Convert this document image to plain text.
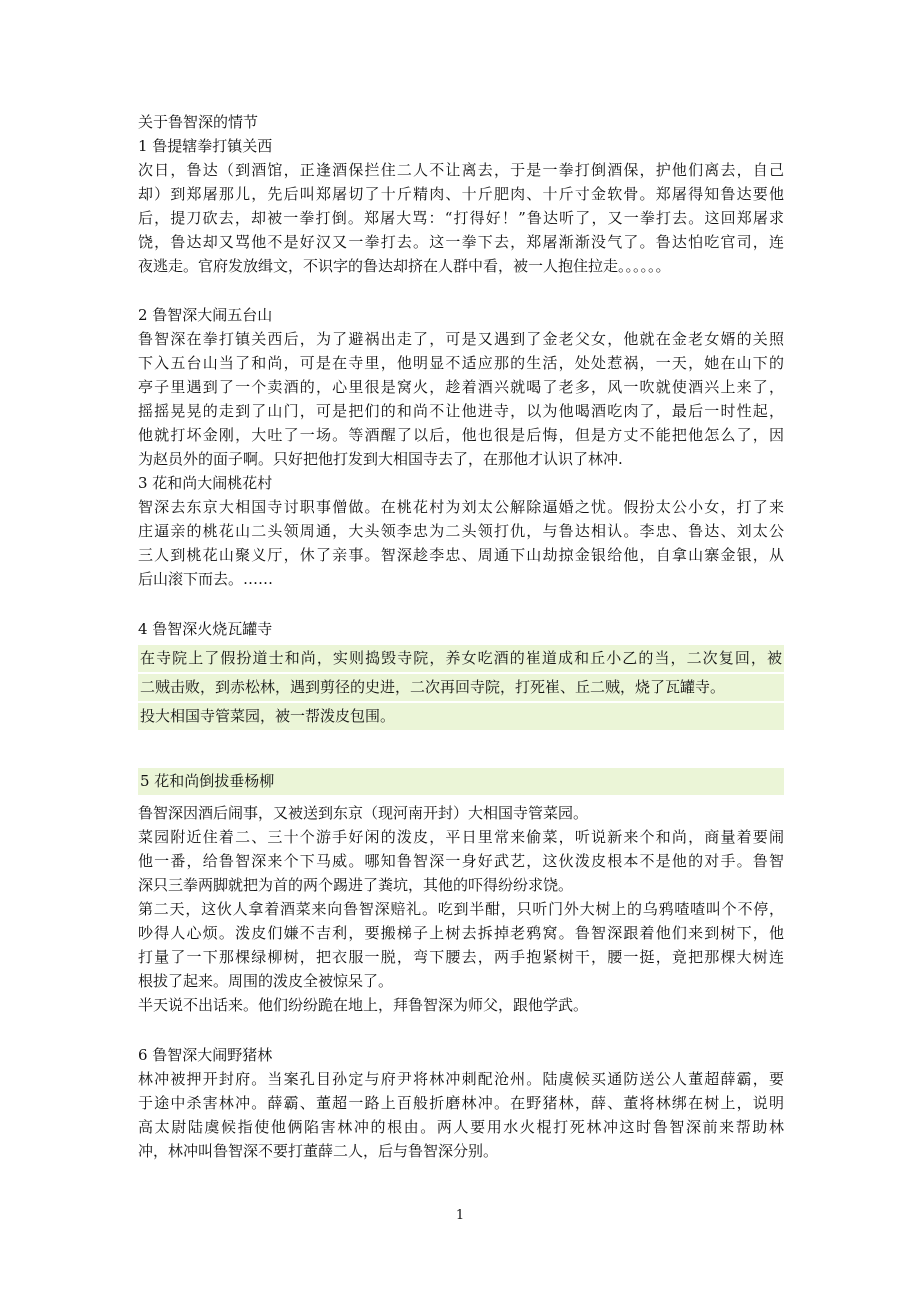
关于鲁智深的情节

1 鲁提辖拳打镇关西

次日，鲁达（到酒馆，正逢酒保拦住二人不让离去，于是一拳打倒酒保，护他们离去，自己

却）到郑屠那儿，先后叫郑屠切了十斤精肉、十斤肥肉、十斤寸金软骨。郑屠得知鲁达要他

后，提刀砍去，却被一拳打倒。郑屠大骂：“打得好！”鲁达听了，又一拳打去。这回郑屠求

饶，鲁达却又骂他不是好汉又一拳打去。这一拳下去，郑屠渐渐没气了。鲁达怕吃官司，连

夜逃走。官府发放缉文，不识字的鲁达却挤在人群中看，被一人抱住拉走。。。。。。

2 鲁智深大闹五台山

鲁智深在拳打镇关西后，为了避祸出走了，可是又遇到了金老父女，他就在金老女婿的关照

下入五台山当了和尚，可是在寺里，他明显不适应那的生活，处处惹祸，一天，她在山下的

亭子里遇到了一个卖酒的，心里很是窝火，趁着酒兴就喝了老多，风一吹就使酒兴上来了，

摇摇晃晃的走到了山门，可是把们的和尚不让他进寺，以为他喝酒吃肉了，最后一时性起，

他就打坏金刚，大吐了一场。等酒醒了以后，他也很是后悔，但是方丈不能把他怎么了，因

为赵员外的面子啊。只好把他打发到大相国寺去了，在那他才认识了林冲.

3 花和尚大闹桃花村

智深去东京大相国寺讨职事僧做。在桃花村为刘太公解除逼婚之忧。假扮太公小女，打了来

庄逼亲的桃花山二头领周通，大头领李忠为二头领打仇，与鲁达相认。李忠、鲁达、刘太公

三人到桃花山聚义厅，休了亲事。智深趁李忠、周通下山劫掠金银给他，自拿山寨金银，从

后山滚下而去。……

4 鲁智深火烧瓦罐寺

在寺院上了假扮道士和尚，实则捣毁寺院，养女吃酒的崔道成和丘小乙的当，二次复回，被

二贼击败，到赤松林，遇到剪径的史进，二次再回寺院，打死崔、丘二贼，烧了瓦罐寺。

投大相国寺管菜园，被一帮泼皮包围。

5 花和尚倒拔垂杨柳

鲁智深因酒后闹事，又被送到东京（现河南开封）大相国寺管菜园。

菜园附近住着二、三十个游手好闲的泼皮，平日里常来偷菜，听说新来个和尚，商量着要闹

他一番，给鲁智深来个下马威。哪知鲁智深一身好武艺，这伙泼皮根本不是他的对手。鲁智

深只三拳两脚就把为首的两个踢进了粪坑，其他的吓得纷纷求饶。

第二天，这伙人拿着酒菜来向鲁智深赔礼。吃到半酣，只听门外大树上的乌鸦喳喳叫个不停，

吵得人心烦。泼皮们嫌不吉利，要搬梯子上树去拆掉老鸦窝。鲁智深跟着他们来到树下，他

打量了一下那棵绿柳树，把衣服一脱，弯下腰去，两手抱紧树干，腰一挺，竟把那棵大树连

根拔了起来。周围的泼皮全被惊呆了。

半天说不出话来。他们纷纷跪在地上，拜鲁智深为师父，跟他学武。

6 鲁智深大闹野猪林

林冲被押开封府。当案孔目孙定与府尹将林冲刺配沧州。陆虞候买通防送公人董超薛霸，要

于途中杀害林冲。薛霸、董超一路上百般折磨林冲。在野猪林，薛、董将林绑在树上，说明

高太尉陆虞候指使他俩陷害林冲的根由。两人要用水火棍打死林冲这时鲁智深前来帮助林

冲，林冲叫鲁智深不要打董薛二人，后与鲁智深分别。

1
